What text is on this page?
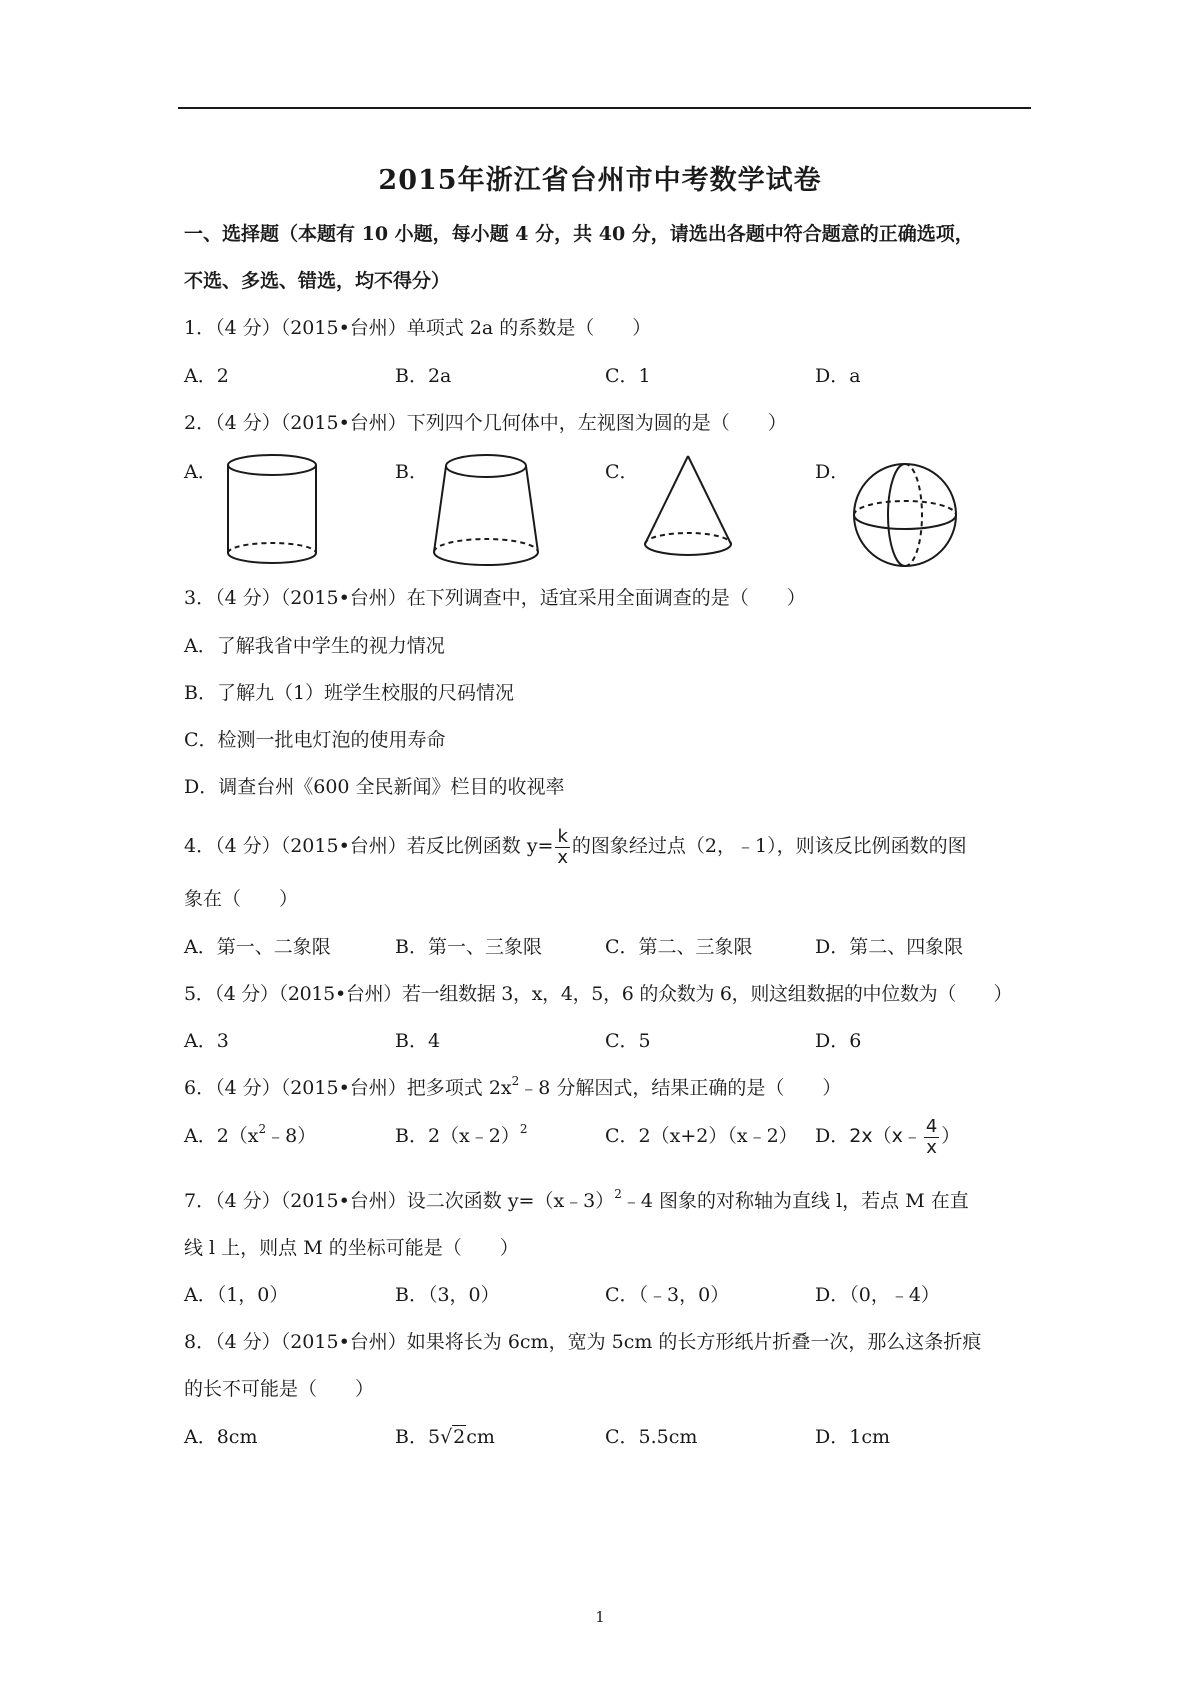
2015年浙江省台州市中考数学试卷
一、选择题（本题有 10 小题，每小题 4 分，共 40 分，请选出各题中符合题意的正确选项，
不选、多选、错选，均不得分）
1．（4 分）（2015•台州）单项式 2a 的系数是（　　）
A．2	B．2a	C．1	D．a
2．（4 分）（2015•台州）下列四个几何体中，左视图为圆的是（　　）
A．	B．	C．	D．
3．（4 分）（2015•台州）在下列调查中，适宜采用全面调查的是（　　）
A．了解我省中学生的视力情况
B．了解九（1）班学生校服的尺码情况
C．检测一批电灯泡的使用寿命
D．调查台州《600 全民新闻》栏目的收视率
4．（4 分）（2015•台州）若反比例函数 $y= \frac{k}{x}$ 的图象经过点（2，﹣1），则该反比例函数的图
象在（　　）
A．第一、二象限	B．第一、三象限	C．第二、三象限	D．第二、四象限
5．（4 分）（2015•台州）若一组数据 3，x，4，5，6 的众数为 6，则这组数据的中位数为（　　）
A．3	B．4	C．5	D．6
6．（4 分）（2015•台州）把多项式 $2x^2﹣8$ 分解因式，结果正确的是（　　）
A．$2(x^2﹣8)$	B．2（x﹣2）$^2$	C．2（x+2）（x﹣2） D．2x（x﹣ $\frac{4}{x}$ ）
7．（4 分）（2015•台州）设二次函数 y=（x﹣3）$^2$﹣4 图象的对称轴为直线 l，若点 M 在直
线 l 上，则点 M 的坐标可能是（　　）
A．（1，0）	B．（3，0）	C．（﹣3，0）	D．（0，﹣4）
8．（4 分）（2015•台州）如果将长为 6cm，宽为 5cm 的长方形纸片折叠一次，那么这条折痕
的长不可能是（　　）
A．8cm	B．5√2cm	C．5.5cm	D．1cm
1
